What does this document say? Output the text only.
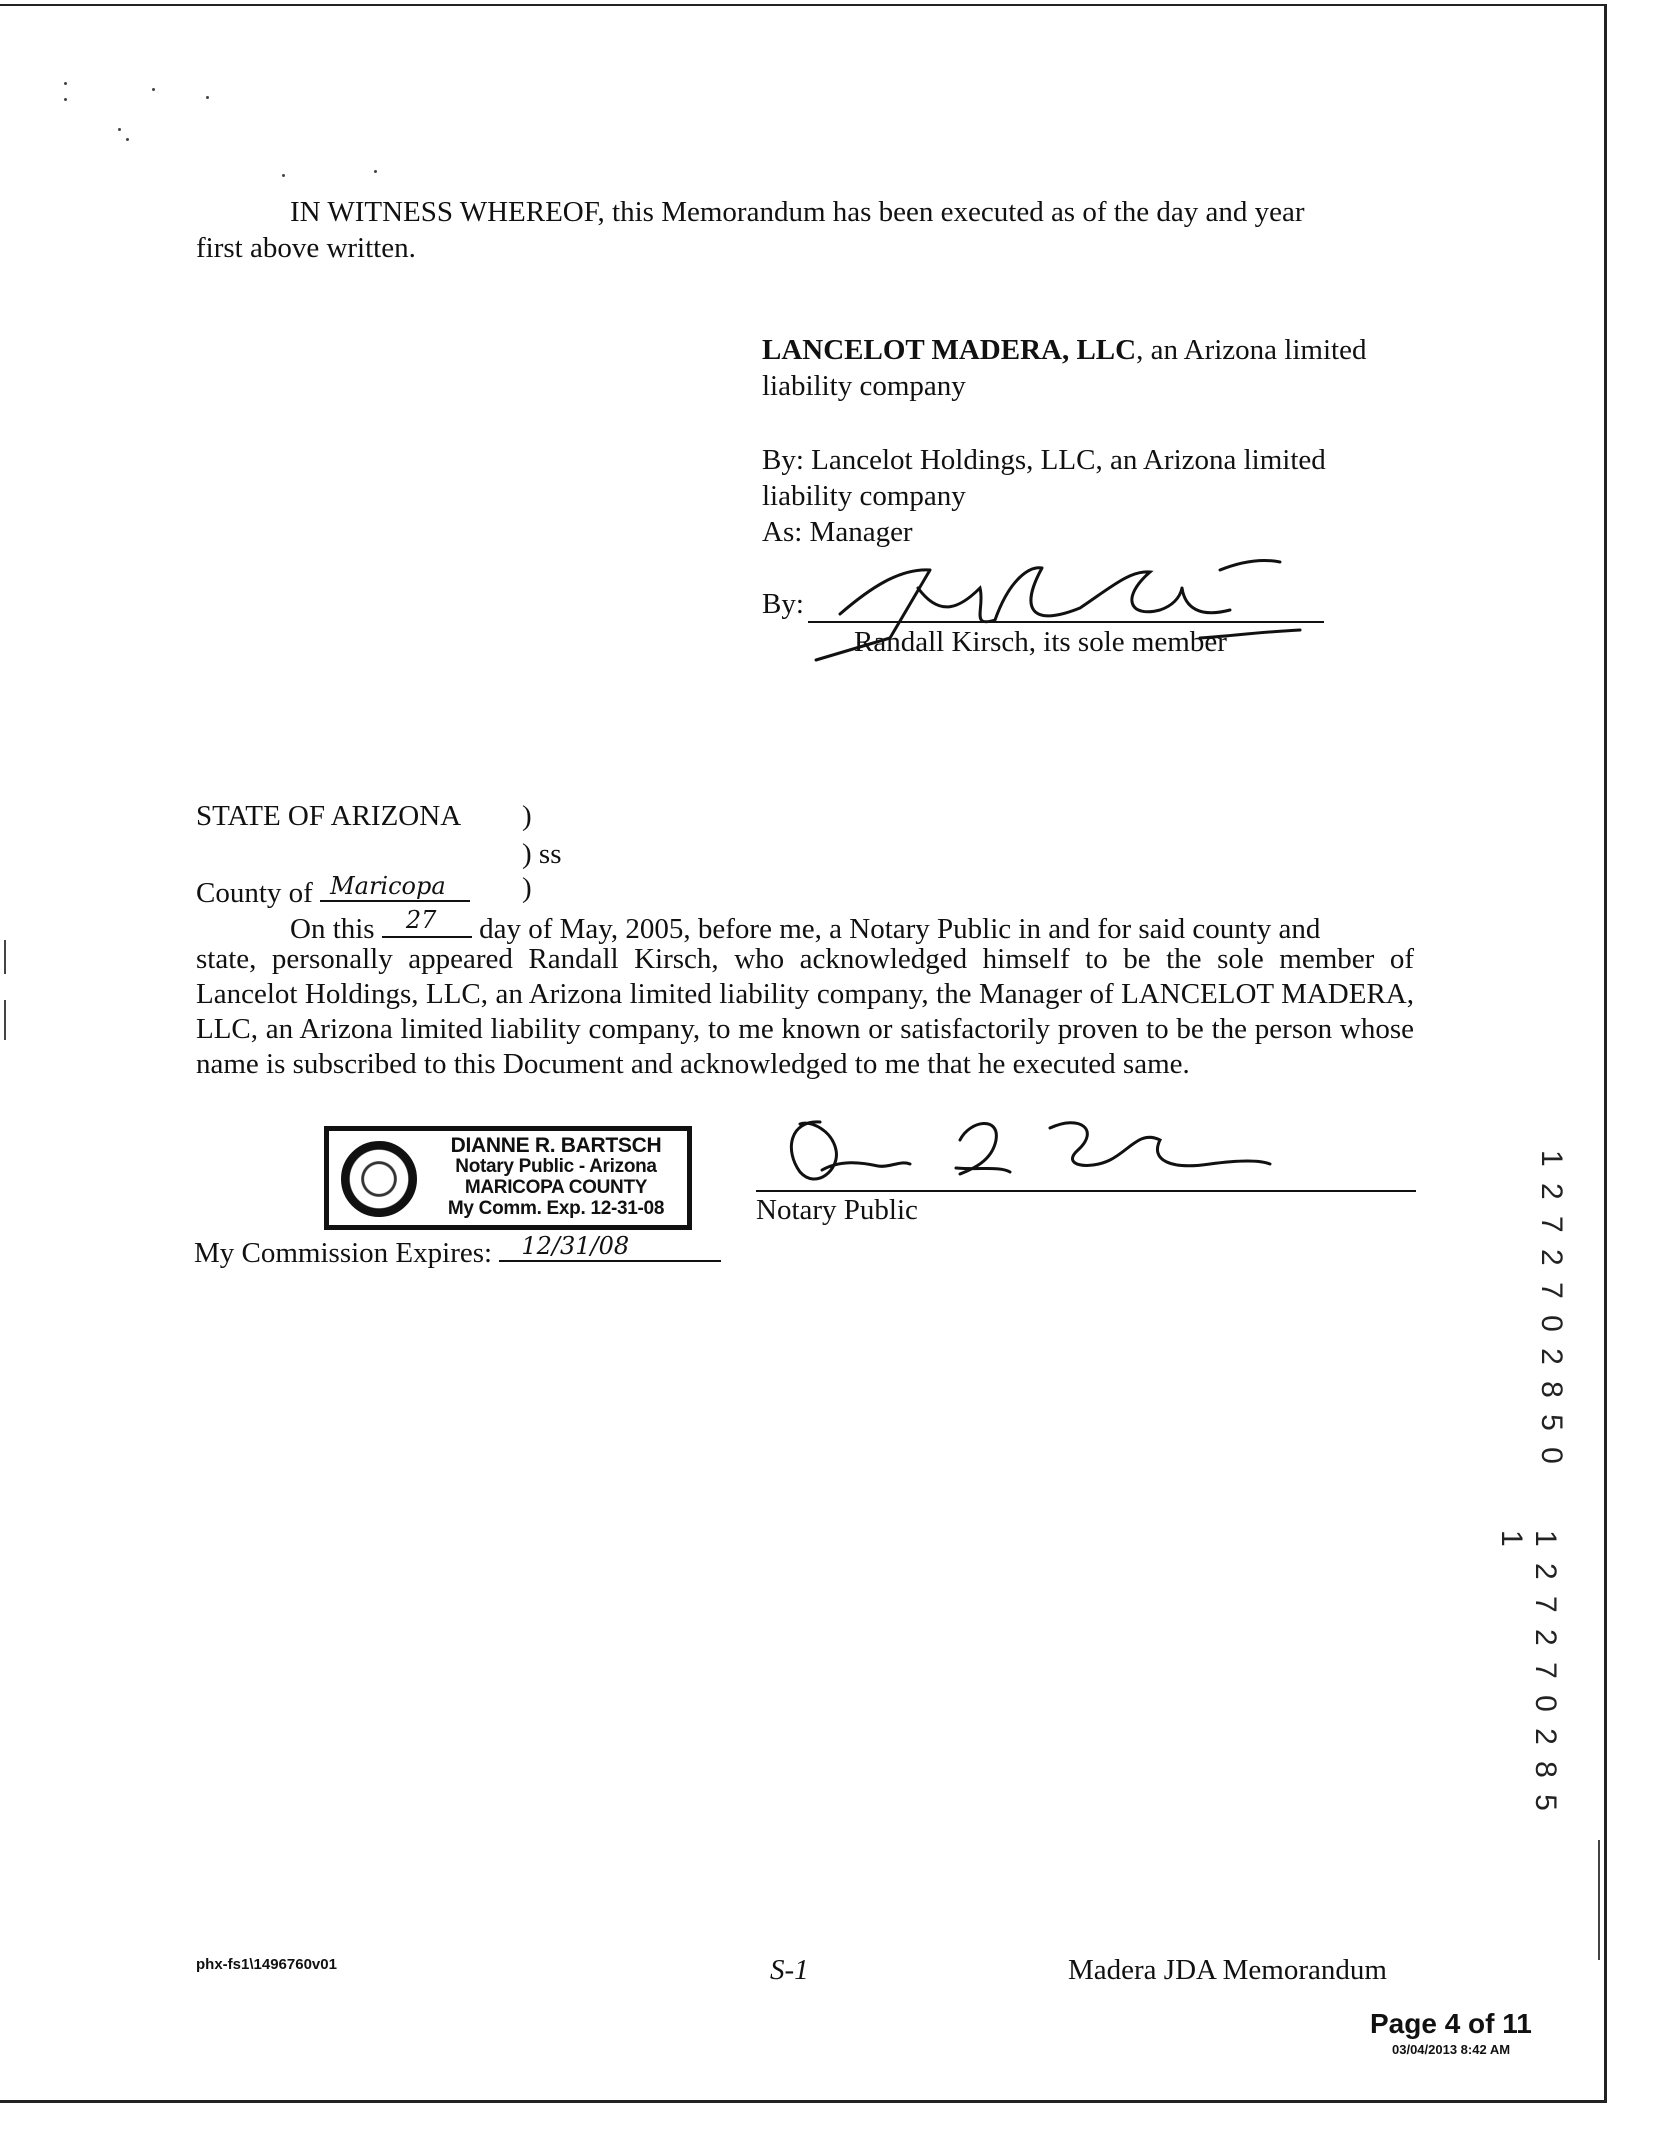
IN WITNESS WHEREOF, this Memorandum has been executed as of the day and year
first above written.
LANCELOT MADERA, LLC, an Arizona limited
liability company
By: Lancelot Holdings, LLC, an Arizona limited
liability company
As: Manager
By:
Randall Kirsch, its sole member
STATE OF ARIZONA )
) ss
County of Maricopa	)
On this 27 day of May, 2005, before me, a Notary Public in and for said county and
state, personally appeared Randall Kirsch, who acknowledged himself to be the sole member of Lancelot Holdings, LLC, an Arizona limited liability company, the Manager of LANCELOT MADERA, LLC, an Arizona limited liability company, to me known or satisfactorily proven to be the person whose name is subscribed to this Document and acknowledged to me that he executed same.
DIANNE R. BARTSCH
Notary Public - Arizona
MARICOPA COUNTY
My Comm. Exp. 12-31-08	Notary Public
My Commission Expires: 12/31/08	1 2 7 2 7 0 2 8 5 0
1 2 7 2 7 0 2 8 5 1
phx-fs1\1496760v01	S-1	Madera JDA Memorandum
Page 4 of 11
03/04/2013 8:42 AM
